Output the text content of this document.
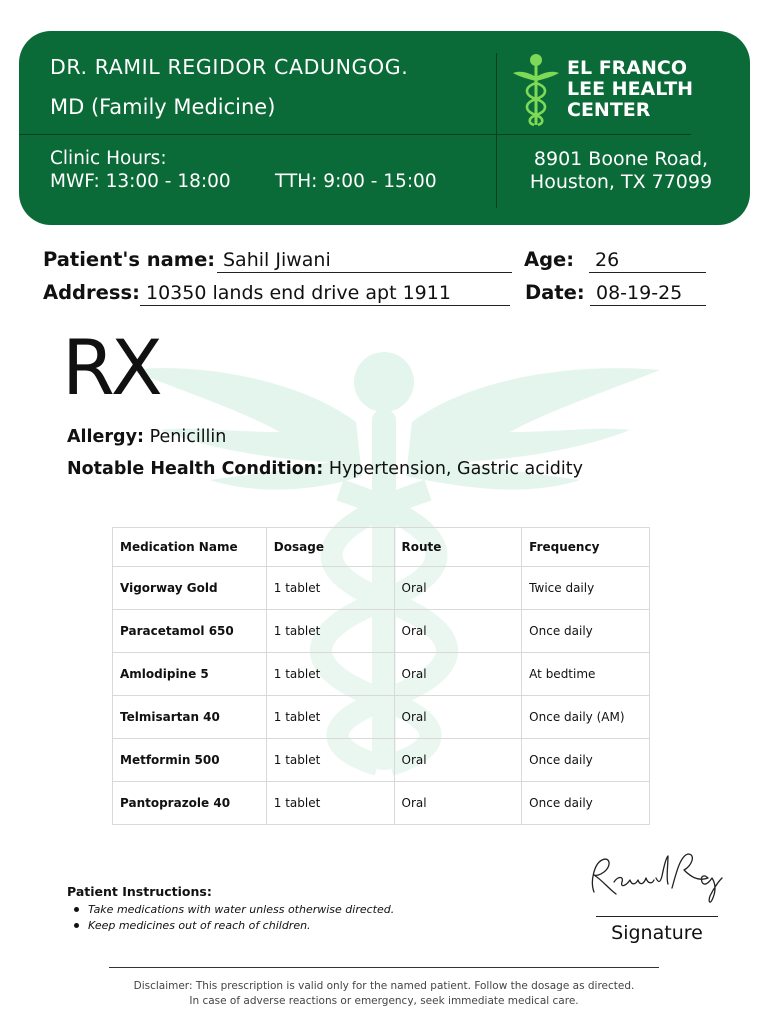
DR. RAMIL REGIDOR CADUNGOG.
MD (Family Medicine)
Clinic Hours:
MWF: 13:00 - 18:00 TTH: 9:00 - 15:00
EL FRANCO
LEE HEALTH
CENTER
8901 Boone Road,
Houston, TX 77099
Patient's name: Sahil Jiwani	Age:	26
Address: 10350 lands end drive apt 1911	Date: 08-19-25
RX
Allergy: Penicillin
Notable Health Condition: Hypertension, Gastric acidity
Medication Name	Dosage	Route	Frequency
Vigorway Gold	1 tablet	Oral	Twice daily
Paracetamol 650	1 tablet	Oral	Once daily
Amlodipine 5	1 tablet	Oral	At bedtime
Telmisartan 40	1 tablet	Oral	Once daily (AM)
Metformin 500	1 tablet	Oral	Once daily
Pantoprazole 40	1 tablet	Oral	Once daily
Patient Instructions:
Take medications with water unless otherwise directed.
Keep medicines out of reach of children.	Signature
Disclaimer: This prescription is valid only for the named patient. Follow the dosage as directed.
In case of adverse reactions or emergency, seek immediate medical care.
